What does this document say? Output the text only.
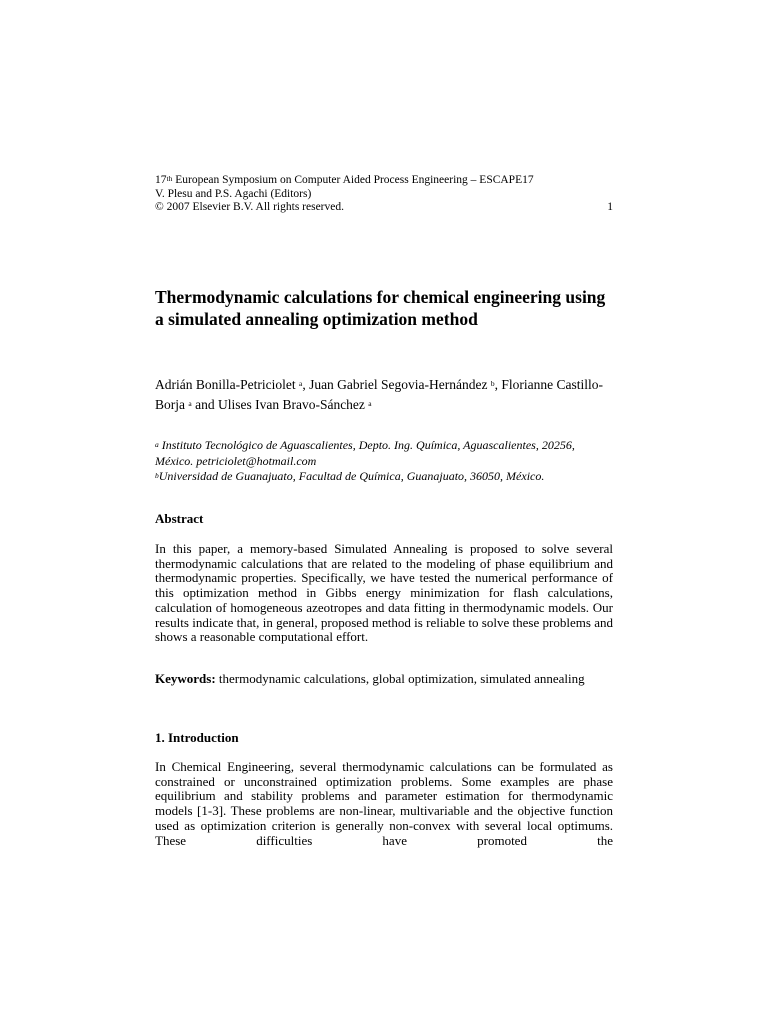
17th European Symposium on Computer Aided Process Engineering – ESCAPE17
V. Plesu and P.S. Agachi (Editors)
© 2007 Elsevier B.V. All rights reserved.	1
Thermodynamic calculations for chemical engineering using a simulated annealing optimization method
Adrián Bonilla-Petriciolet $^a$, Juan Gabriel Segovia-Hernández $^b$, Florianne Castillo-Borja $^a$ and Ulises Ivan Bravo-Sánchez $^a$
$^a$ Instituto Tecnológico de Aguascalientes, Depto. Ing. Química, Aguascalientes, 20256, México. petriciolet@hotmail.com
$^b$Universidad de Guanajuato, Facultad de Química, Guanajuato, 36050, México.
Abstract
In this paper, a memory-based Simulated Annealing is proposed to solve several thermodynamic calculations that are related to the modeling of phase equilibrium and thermodynamic properties. Specifically, we have tested the numerical performance of this optimization method in Gibbs energy minimization for flash calculations, calculation of homogeneous azeotropes and data fitting in thermodynamic models. Our results indicate that, in general, proposed method is reliable to solve these problems and shows a reasonable computational effort.
Keywords: thermodynamic calculations, global optimization, simulated annealing
1. Introduction
In Chemical Engineering, several thermodynamic calculations can be formulated as constrained or unconstrained optimization problems. Some examples are phase equilibrium and stability problems and parameter estimation for thermodynamic models [1-3]. These problems are non-linear, multivariable and the objective function used as optimization criterion is generally non-convex with several local optimums. These difficulties have promoted the
